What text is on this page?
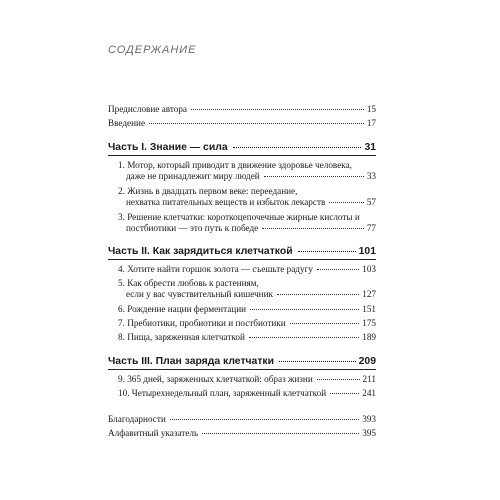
СОДЕРЖАНИЕ
Предисловие автора	15
Введение	17
Часть I. Знание — сила	31
1. Мотор, который приводит в движение здоровье человека,
даже не принадлежит миру людей	33
2. Жизнь в двадцать первом веке: переедание,
нехватка питательных веществ и избыток лекарств	57
3. Решение клетчатки: короткоцепочечные жирные кислоты и
постбиотики — это путь к победе	77
Часть II. Как зарядиться клетчаткой	101
4. Хотите найти горшок золота — съешьте радугу	103
5. Как обрести любовь к растениям,
если у вас чувствительный кишечник	127
6. Рождение нации ферментации	151
7. Пребиотики, пробиотики и постбиотики	175
8. Пища, заряженная клетчаткой	189
Часть III. План заряда клетчатки	209
9. 365 дней, заряженных клетчаткой: образ жизни	211
10. Четырехнедельный план, заряженный клетчаткой	241
Благодарности	393
Алфавитный указатель	395
